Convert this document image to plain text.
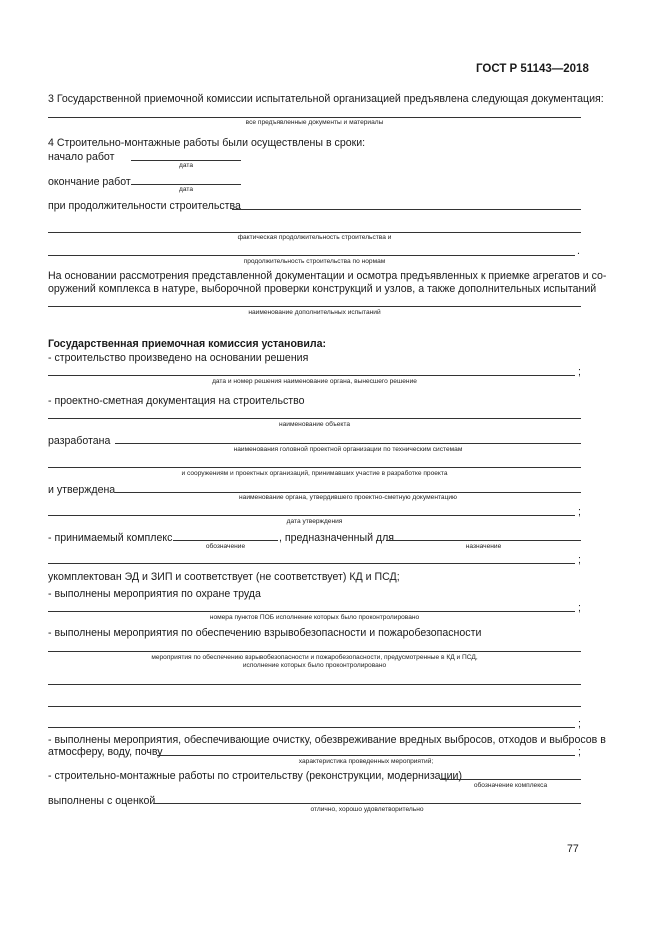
ГОСТ Р 51143—2018
3 Государственной приемочной комиссии испытательной организацией предъявлена следующая документация:
все предъявленные документы и материалы
4 Строительно-монтажные работы были осуществлены в сроки:
начало работ
дата
окончание работ
дата
при продолжительности строительства
фактическая продолжительность строительства и
.
продолжительность строительства по нормам
На основании рассмотрения представленной документации и осмотра предъявленных к приемке агрегатов и со-
оружений комплекса в натуре, выборочной проверки конструкций и узлов, а также дополнительных испытаний
наименование дополнительных испытаний
Государственная приемочная комиссия установила:
- строительство произведено на основании решения
;
дата и номер решения наименование органа, вынесшего решение
- проектно-сметная документация на строительство
наименование объекта
разработана
наименования головной проектной организации по техническим системам
и сооружениям и проектных организаций, принимавших участие в разработке проекта
и утверждена
наименование органа, утвердившего проектно-сметную документацию
;
дата утверждения
- принимаемый комплекс	, предназначенный для
обозначение	назначение
;
укомплектован ЭД и ЗИП и соответствует (не соответствует) КД и ПСД;
- выполнены мероприятия по охране труда
;
номера пунктов ПОБ исполнение которых было проконтролировано
- выполнены мероприятия по обеспечению взрывобезопасности и пожаробезопасности
мероприятия по обеспечению взрывобезопасности и пожаробезопасности, предусмотренные в КД и ПСД,
исполнение которых было проконтролировано
;
- выполнены мероприятия, обеспечивающие очистку, обезвреживание вредных выбросов, отходов и выбросов в
атмосферу, воду, почву	;
характеристика проведенных мероприятий;
- строительно-монтажные работы по строительству (реконструкции, модернизации)
обозначение комплекса
выполнены с оценкой
отлично, хорошо удовлетворительно
77
